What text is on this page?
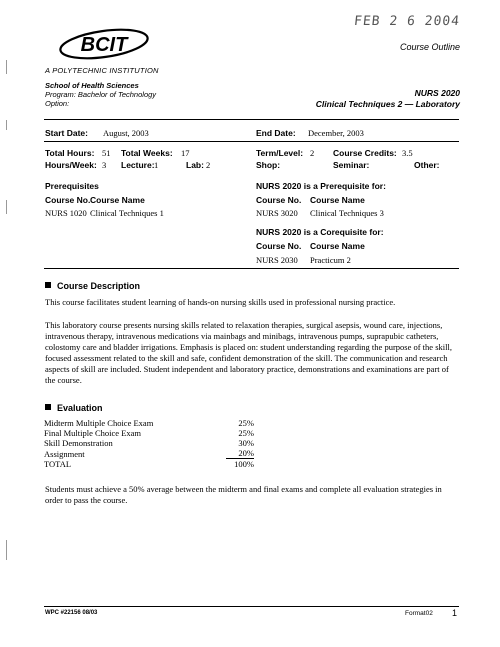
FEB 2 6 2004
BCIT
A POLYTECHNIC INSTITUTION
Course Outline
School of Health Sciences
Program: Bachelor of Technology
Option:
NURS 2020
Clinical Techniques 2 — Laboratory
Start Date: August, 2003	End Date: December, 2003
Total Hours: 51 Total Weeks: 17	Term/Level: 2 Course Credits: 3.5
Hours/Week: 3 Lecture: 1	Lab: 2	Shop:	Seminar:	Other:
Prerequisites
Course No. Course Name
NURS 1020 Clinical Techniques 1
NURS 2020 is a Prerequisite for:
Course No. Course Name
NURS 3020 Clinical Techniques 3
NURS 2020 is a Corequisite for:
Course No. Course Name
NURS 2030 Practicum 2
Course Description
This course facilitates student learning of hands-on nursing skills used in professional nursing practice.
This laboratory course presents nursing skills related to relaxation therapies, surgical asepsis, wound care, injections, intravenous therapy, intravenous medications via mainbags and minibags, intravenous pumps, suprapubic catheters, colostomy care and bladder irrigations. Emphasis is placed on: student understanding regarding the purpose of the skill, focused assessment related to the skill and safe, confident demonstration of the skill. The communication and research aspects of skill are included. Student independent and laboratory practice, demonstrations and examinations are part of the course.
Evaluation
Midterm Multiple Choice Exam	25%
Final Multiple Choice Exam	25%
Skill Demonstration	30%
Assignment	20%
TOTAL	100%
Students must achieve a 50% average between the midterm and final exams and complete all evaluation strategies in order to pass the course.
WPC #22156 08/03	Format02 1
